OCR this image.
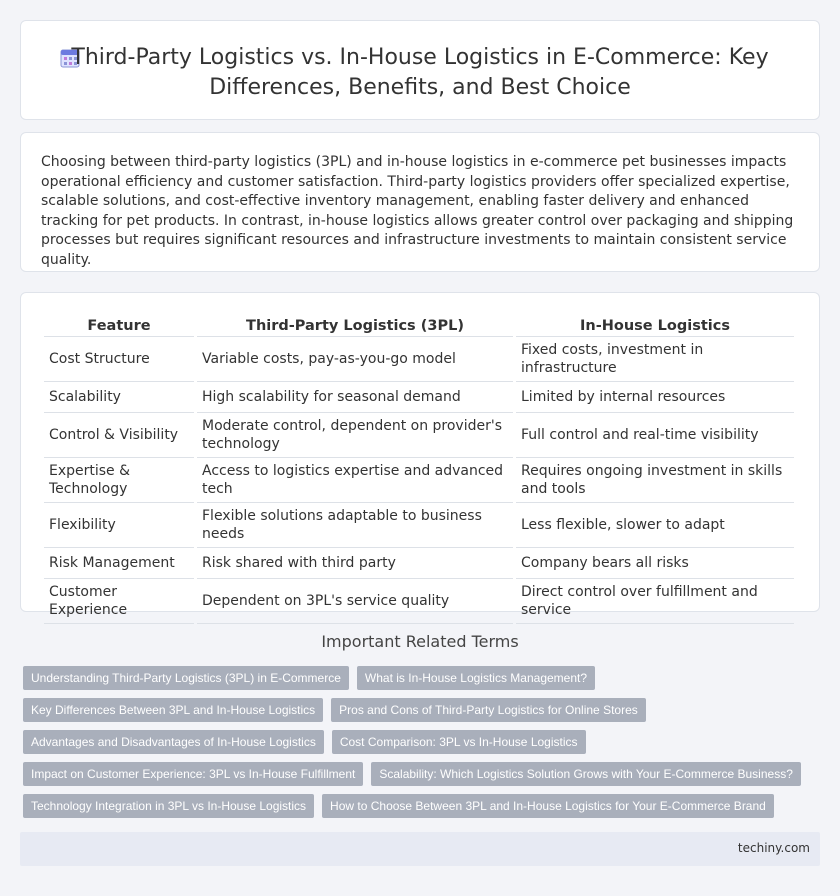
Third-Party Logistics vs. In-House Logistics in E-Commerce: Key Differences, Benefits, and Best Choice

Choosing between third-party logistics (3PL) and in-house logistics in e-commerce pet businesses impacts operational efficiency and customer satisfaction. Third-party logistics providers offer specialized expertise, scalable solutions, and cost-effective inventory management, enabling faster delivery and enhanced tracking for pet products. In contrast, in-house logistics allows greater control over packaging and shipping processes but requires significant resources and infrastructure investments to maintain consistent service quality.

Feature	Third-Party Logistics (3PL)	In-House Logistics
Cost Structure	Variable costs, pay-as-you-go model	Fixed costs, investment in infrastructure
Scalability	High scalability for seasonal demand	Limited by internal resources
Control & Visibility	Moderate control, dependent on provider's technology	Full control and real-time visibility
Expertise & Technology	Access to logistics expertise and advanced tech	Requires ongoing investment in skills and tools
Flexibility	Flexible solutions adaptable to business needs	Less flexible, slower to adapt
Risk Management	Risk shared with third party	Company bears all risks
Customer Experience	Dependent on 3PL's service quality	Direct control over fulfillment and service
Important Related Terms
Understanding Third-Party Logistics (3PL) in E-Commerce	What is In-House Logistics Management?
Key Differences Between 3PL and In-House Logistics	Pros and Cons of Third-Party Logistics for Online Stores
Advantages and Disadvantages of In-House Logistics	Cost Comparison: 3PL vs In-House Logistics
Impact on Customer Experience: 3PL vs In-House Fulfillment	Scalability: Which Logistics Solution Grows with Your E-Commerce Business?
Technology Integration in 3PL vs In-House Logistics	How to Choose Between 3PL and In-House Logistics for Your E-Commerce Brand
techiny.com
